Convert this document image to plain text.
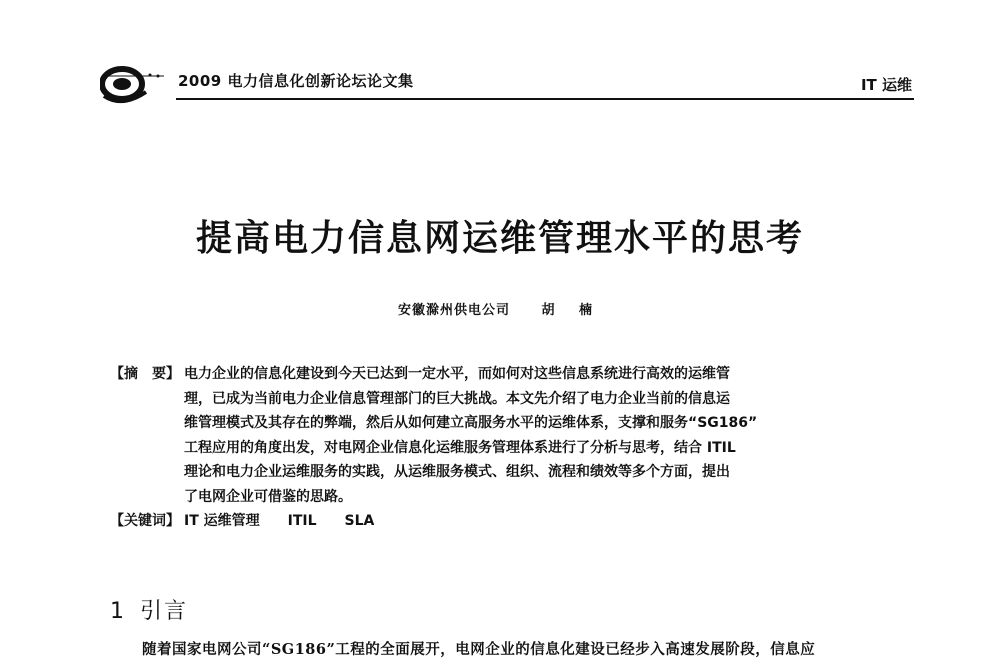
2009 电力信息化创新论坛论文集	IT 运维
提高电力信息网运维管理水平的思考
安徽滁州供电公司 胡 楠
【摘　要】 电力企业的信息化建设到今天已达到一定水平，而如何对这些信息系统进行高效的运维管
理，已成为当前电力企业信息管理部门的巨大挑战。本文先介绍了电力企业当前的信息运
维管理模式及其存在的弊端，然后从如何建立高服务水平的运维体系，支撑和服务“SG186”
工程应用的角度出发，对电网企业信息化运维服务管理体系进行了分析与思考，结合 ITIL
理论和电力企业运维服务的实践，从运维服务模式、组织、流程和绩效等多个方面，提出
了电网企业可借鉴的思路。
【关键词】 IT 运维管理 ITIL SLA
1 引言
随着国家电网公司“SG186”工程的全面展开，电网企业的信息化建设已经步入高速发展阶段，信息应
